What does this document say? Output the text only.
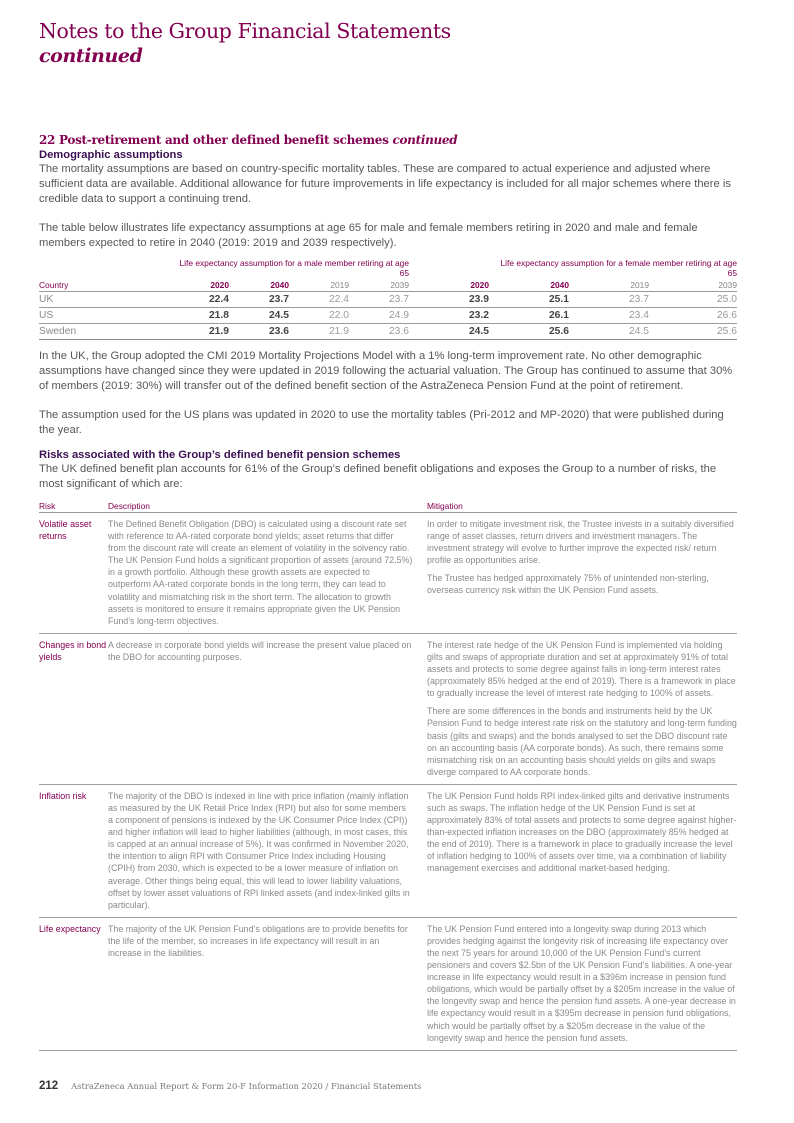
Notes to the Group Financial Statements
continued
22 Post-retirement and other defined benefit schemes continued
Demographic assumptions

The mortality assumptions are based on country-specific mortality tables. These are compared to actual experience and adjusted where sufficient data are available. Additional allowance for future improvements in life expectancy is included for all major schemes where there is credible data to support a continuing trend.

The table below illustrates life expectancy assumptions at age 65 for male and female members retiring in 2020 and male and female members expected to retire in 2040 (2019: 2019 and 2039 respectively).

	Life expectancy assumption for a male member retiring at age 65					Life expectancy assumption for a female member retiring at age 65		
Country	2020	2040	2019	2039	2020	2040	2019	2039
UK	22.4	23.7	22.4	23.7	23.9	25.1	23.7	25.0
US	21.8	24.5	22.0	24.9	23.2	26.1	23.4	26.6
Sweden	21.9	23.6	21.9	23.6	24.5	25.6	24.5	25.6

In the UK, the Group adopted the CMI 2019 Mortality Projections Model with a 1% long-term improvement rate. No other demographic assumptions have changed since they were updated in 2019 following the actuarial valuation. The Group has continued to assume that 30% of members (2019: 30%) will transfer out of the defined benefit section of the AstraZeneca Pension Fund at the point of retirement.

The assumption used for the US plans was updated in 2020 to use the mortality tables (Pri-2012 and MP-2020) that were published during the year.

Risks associated with the Group’s defined benefit pension schemes

The UK defined benefit plan accounts for 61% of the Group’s defined benefit obligations and exposes the Group to a number of risks, the most significant of which are:

Risk	Description	Mitigation
Volatile asset returns	The Defined Benefit Obligation (DBO) is calculated using a discount rate set with reference to AA-rated corporate bond yields; asset returns that differ from the discount rate will create an element of volatility in the solvency ratio. The UK Pension Fund holds a significant proportion of assets (around 72.5%) in a growth portfolio. Although these growth assets are expected to outperform AA-rated corporate bonds in the long term, they can lead to volatility and mismatching risk in the short term. The allocation to growth assets is monitored to ensure it remains appropriate given the UK Pension Fund’s long-term objectives.	

In order to mitigate investment risk, the Trustee invests in a suitably diversified range of asset classes, return drivers and investment managers. The investment strategy will evolve to further improve the expected risk/ return profile as opportunities arise.

The Trustee has hedged approximately 75% of unintended non-sterling, overseas currency risk within the UK Pension Fund assets.

Changes in bond yields	A decrease in corporate bond yields will increase the present value placed on the DBO for accounting purposes.	The interest rate hedge of the UK Pension Fund is implemented via holding gilts and swaps of appropriate duration and set at approximately 91% of total assets and protects to some degree against falls in long-term interest rates (approximately 85% hedged at the end of 2019). There is a framework in place to gradually increase the level of interest rate hedging to 100% of assets.

There are some differences in the bonds and instruments held by the UK Pension Fund to hedge interest rate risk on the statutory and long-term funding basis (gilts and swaps) and the bonds analysed to set the DBO discount rate on an accounting basis (AA corporate bonds). As such, there remains some mismatching risk on an accounting basis should yields on gilts and swaps diverge compared to AA corporate bonds.

Inflation risk	The majority of the DBO is indexed in line with price inflation (mainly inflation as measured by the UK Retail Price Index (RPI) but also for some members a component of pensions is indexed by the UK Consumer Price Index (CPI)) and higher inflation will lead to higher liabilities (although, in most cases, this is capped at an annual increase of 5%). It was confirmed in November 2020, the intention to align RPI with Consumer Price Index including Housing (CPIH) from 2030, which is expected to be a lower measure of inflation on average. Other things being equal, this will lead to lower liability valuations, offset by lower asset valuations of RPI linked assets (and index-linked gilts in particular).	

The UK Pension Fund holds RPI index-linked gilts and derivative instruments such as swaps. The inflation hedge of the UK Pension Fund is set at approximately 83% of total assets and protects to some degree against higher-than-expected inflation increases on the DBO (approximately 85% hedged at the end of 2019). There is a framework in place to gradually increase the level of inflation hedging to 100% of assets over time, via a combination of liability management exercises and additional market-based hedging.

Life expectancy	The majority of the UK Pension Fund’s obligations are to provide benefits for the life of the member, so increases in life expectancy will result in an increase in the liabilities.	The UK Pension Fund entered into a longevity swap during 2013 which provides hedging against the longevity risk of increasing life expectancy over the next 75 years for around 10,000 of the UK Pension Fund’s current pensioners and covers $2.5bn of the UK Pension Fund’s liabilities. A one-year increase in life expectancy would result in a $396m increase in pension fund obligations, which would be partially offset by a $205m increase in the value of the longevity swap and hence the pension fund assets. A one-year decrease in life expectancy would result in a $395m decrease in pension fund obligations, which would be partially offset by a $205m decrease in the value of the longevity swap and hence the pension fund assets.

212 AstraZeneca Annual Report & Form 20-F Information 2020 / Financial Statements
